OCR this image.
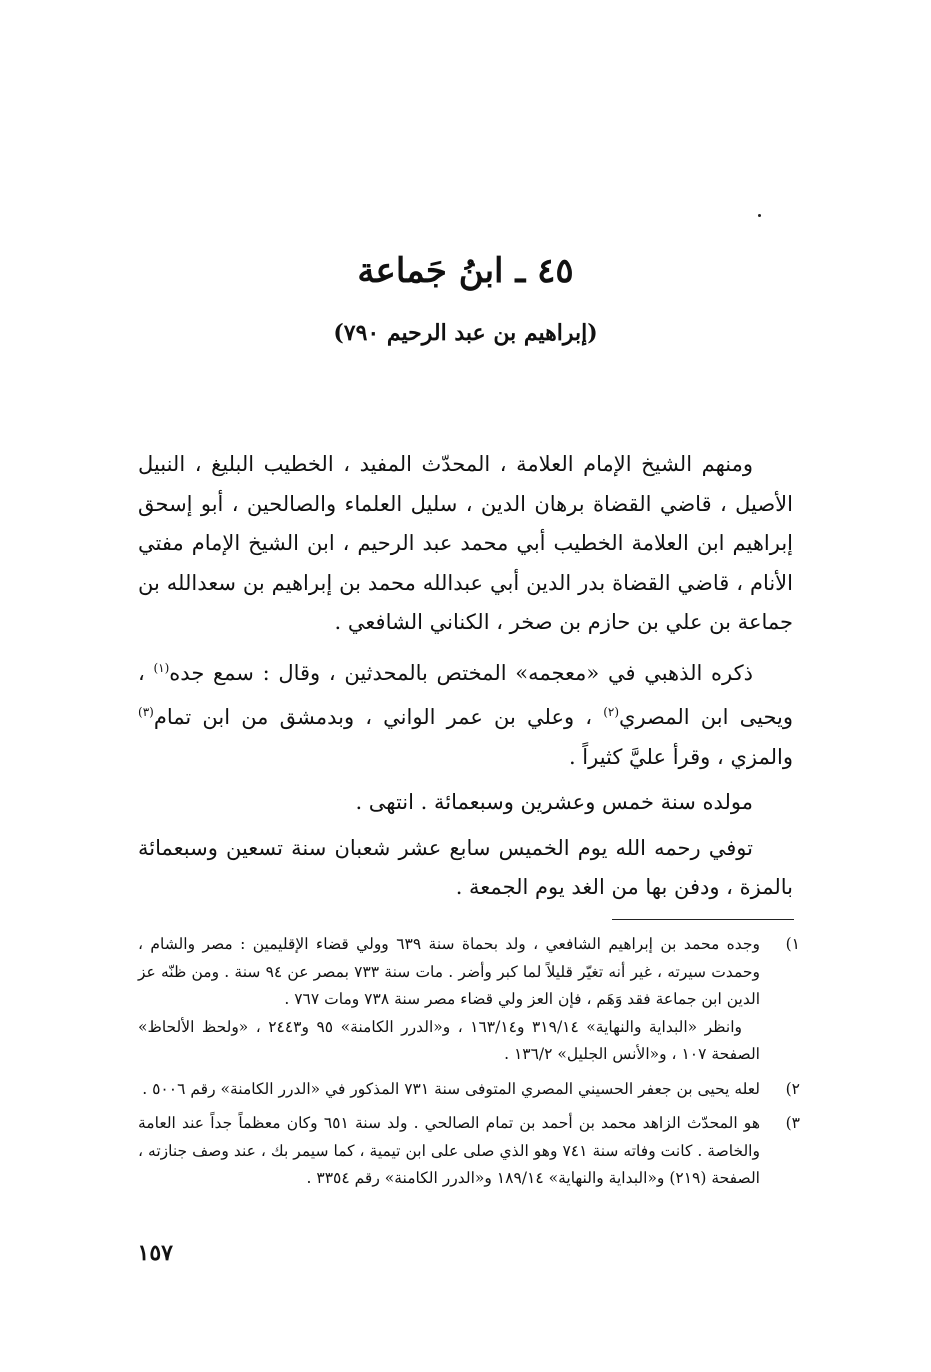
٤٥ ـ ابنُ جَماعة
(إبراهيم بن عبد الرحيم ٧٩٠)

ومنهم الشيخ الإمام العلامة ، المحدّث المفيد ، الخطيب البليغ ، النبيل الأصيل ، قاضي القضاة برهان الدين ، سليل العلماء والصالحين ، أبو إسحق إبراهيم ابن العلامة الخطيب أبي محمد عبد الرحيم ، ابن الشيخ الإمام مفتي الأنام ، قاضي القضاة بدر الدين أبي عبدالله محمد بن إبراهيم بن سعدالله بن جماعة بن علي بن حازم بن صخر ، الكناني الشافعي .

ذكره الذهبي في «معجمه» المختص بالمحدثين ، وقال : سمع جده$^{(١)}$ ، ويحيى ابن المصري$^{(٢)}$ ، وعلي بن عمر الواني ، وبدمشق من ابن تمام$^{(٣)}$ والمزي ، وقرأ عليَّ كثيراً .

مولده سنة خمس وعشرين وسبعمائة . انتهى .

توفي رحمه الله يوم الخميس سابع عشر شعبان سنة تسعين وسبعمائة بالمزة ، ودفن بها من الغد يوم الجمعة .

١)

وجده محمد بن إبراهيم الشافعي ، ولد بحماة سنة ٦٣٩ وولي قضاء الإقليمين : مصر والشام ، وحمدت سيرته ، غير أنه تغيّر قليلاً لما كبر وأضر . مات سنة ٧٣٣ بمصر عن ٩٤ سنة . ومن ظنّه عز الدين ابن جماعة فقد وَهَم ، فإن العز ولي قضاء مصر سنة ٧٣٨ ومات ٧٦٧ .

وانظر «البداية والنهاية» ٣١٩/١٤ و١٦٣/١٤ ، و«الدرر الكامنة» ٩٥ و٢٤٤٣ ، «ولحظ الألحاظ» الصفحة ١٠٧ ، و«الأنس الجليل» ١٣٦/٢ .

٢)

لعله يحيى بن جعفر الحسيني المصري المتوفى سنة ٧٣١ المذكور في «الدرر الكامنة» رقم ٥٠٠٦ .

٣)

هو المحدّث الزاهد محمد بن أحمد بن تمام الصالحي . ولد سنة ٦٥١ وكان معظماً جداً عند العامة والخاصة . كانت وفاته سنة ٧٤١ وهو الذي صلى على ابن تيمية ، كما سيمر بك ، عند وصف جنازته ، الصفحة (٢١٩) و«البداية والنهاية» ١٨٩/١٤ و«الدرر الكامنة» رقم ٣٣٥٤ .

١٥٧
